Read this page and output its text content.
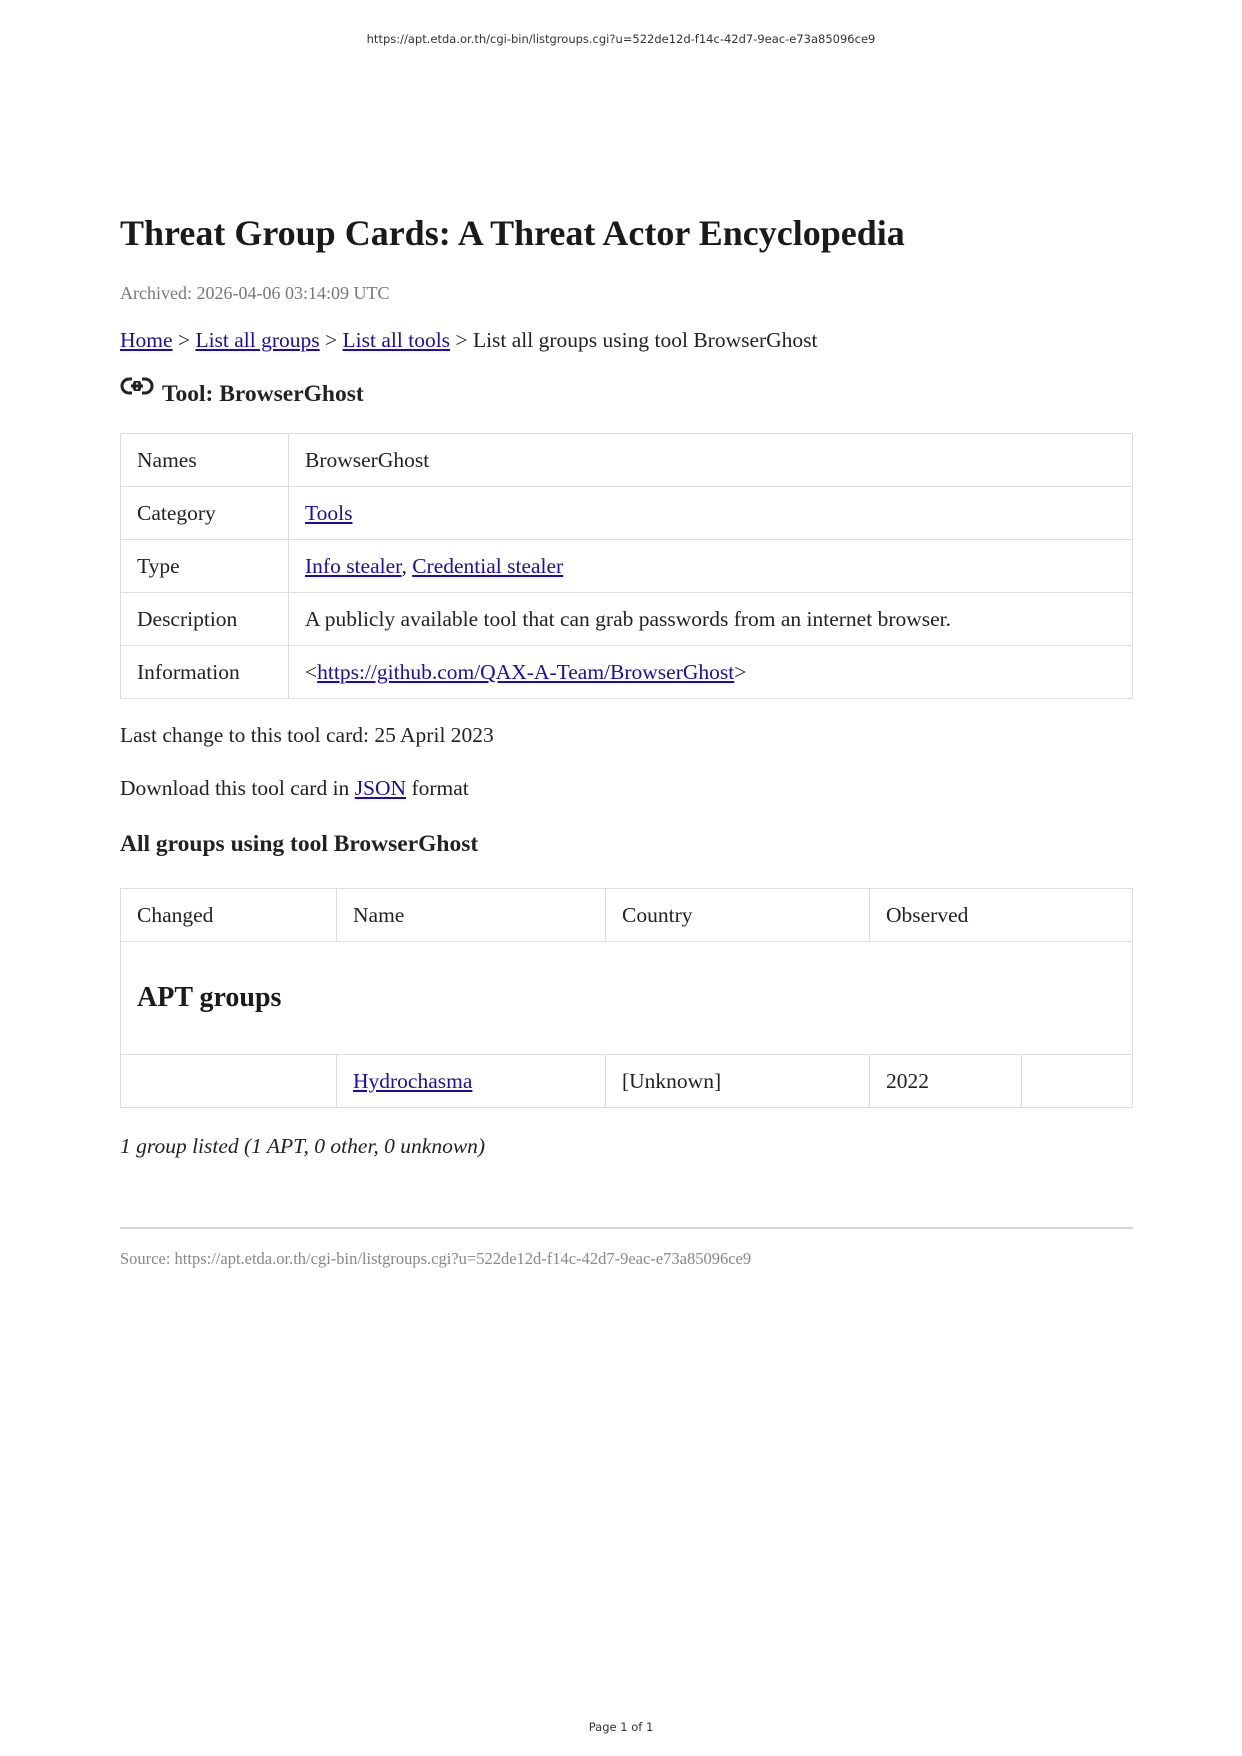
https://apt.etda.or.th/cgi-bin/listgroups.cgi?u=522de12d-f14c-42d7-9eac-e73a85096ce9
Threat Group Cards: A Threat Actor Encyclopedia
Archived: 2026-04-06 03:14:09 UTC
Home > List all groups > List all tools > List all groups using tool BrowserGhost
Tool: BrowserGhost
Names	BrowserGhost
Category	Tools
Type	Info stealer, Credential stealer
Description	A publicly available tool that can grab passwords from an internet browser.
Information	<https://github.com/QAX-A-Team/BrowserGhost>
Last change to this tool card: 25 April 2023
Download this tool card in JSON format
All groups using tool BrowserGhost
Changed	Name	Country	Observed	
APT groups				
	Hydrochasma	[Unknown]	2022	
1 group listed (1 APT, 0 other, 0 unknown)
Source: https://apt.etda.or.th/cgi-bin/listgroups.cgi?u=522de12d-f14c-42d7-9eac-e73a85096ce9
Page 1 of 1
